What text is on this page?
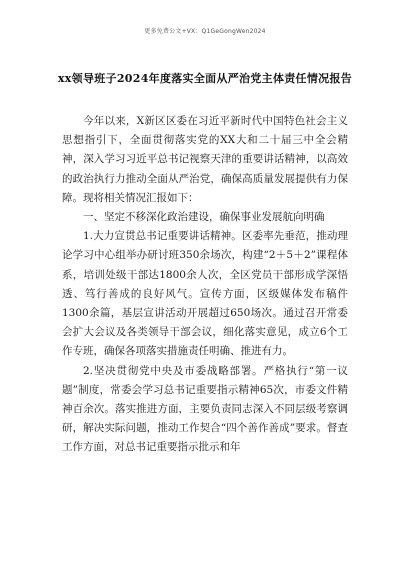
更多免费公文+VX：Q1GeGongWen2024
xx领导班子2024年度落实全面从严治党主体责任情况报告

今年以来，X新区区委在习近平新时代中国特色社会主义思想指引下，全面贯彻落实党的XX大和二十届三中全会精神，深入学习习近平总书记视察天津的重要讲话精神，以高效的政治执行力推动全面从严治党，确保高质量发展提供有力保障。现将相关情况汇报如下：

一、坚定不移深化政治建设，确保事业发展航向明确

1.大力宣贯总书记重要讲话精神。区委率先垂范，推动理论学习中心组举办研讨班350余场次，构建“2＋5＋2”课程体系，培训处级干部达1800余人次，全区党员干部形成学深悟透、笃行善成的良好风气。宣传方面，区级媒体发布稿件1300余篇，基层宣讲活动开展超过650场次。通过召开常委会扩大会议及各类领导干部会议，细化落实意见，成立6个工作专班，确保各项落实措施责任明确、推进有力。

2.坚决贯彻党中央及市委战略部署。严格执行“第一议题”制度，常委会学习总书记重要指示精神65次，市委文件精神百余次。落实推进方面，主要负责同志深入不同层级考察调研，解决实际问题，推动工作契合“四个善作善成”要求。督查工作方面，对总书记重要指示批示和年
